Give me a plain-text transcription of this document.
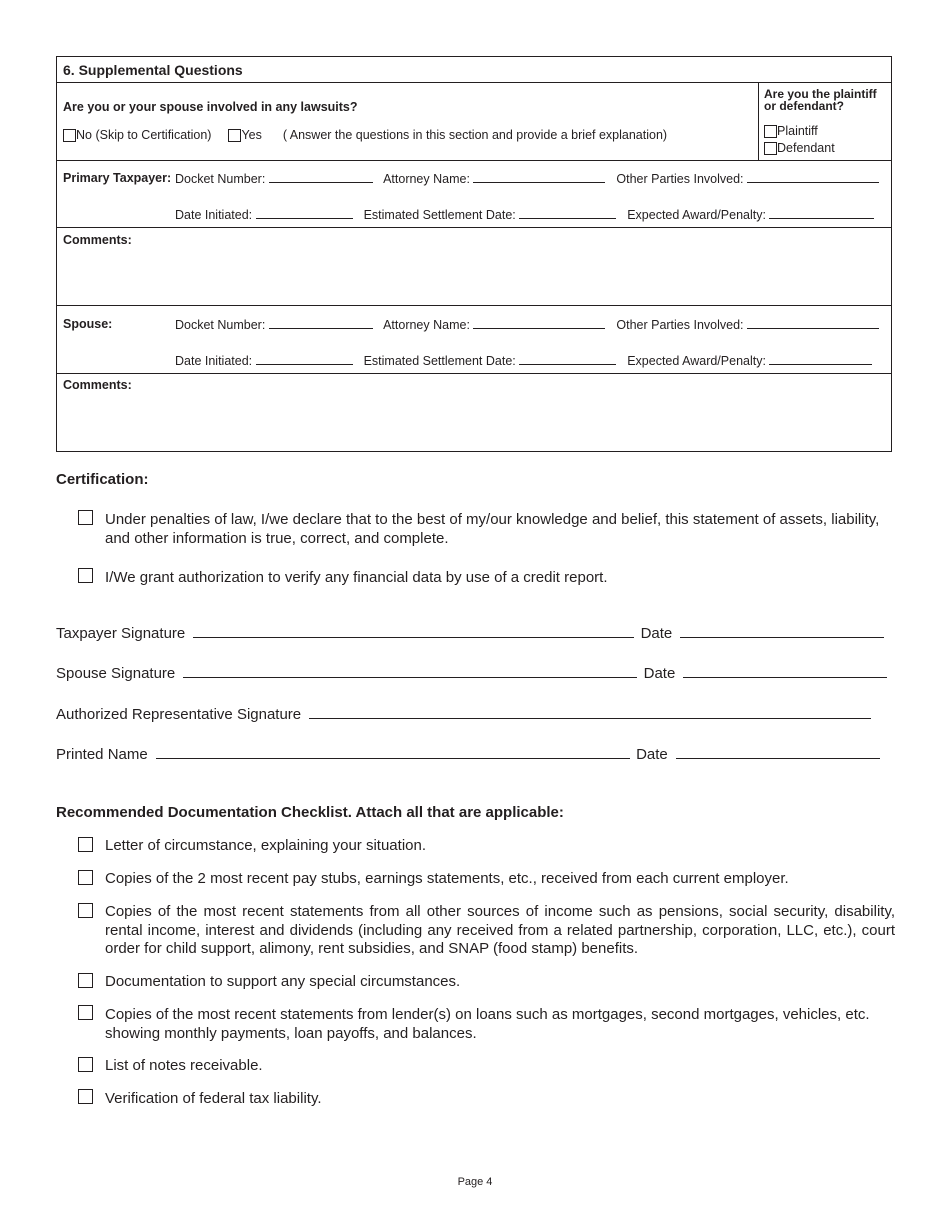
6. Supplemental Questions
Are you or your spouse involved in any lawsuits?
No (Skip to Certification) Yes ( Answer the questions in this section and provide a brief explanation)
Are you the plaintiff or defendant?
Plaintiff
Defendant
Primary Taxpayer: Docket Number:	Attorney Name:	Other Parties Involved:
Date Initiated:	Estimated Settlement Date:	Expected Award/Penalty:
Comments:
Spouse:	Docket Number:	Attorney Name:	Other Parties Involved:
Date Initiated:	Estimated Settlement Date:	Expected Award/Penalty:
Comments:
Certification:
Under penalties of law, I/we declare that to the best of my/our knowledge and belief, this statement of assets, liability, and other information is true, correct, and complete.
I/We grant authorization to verify any financial data by use of a credit report.
Taxpayer Signature	Date
Spouse Signature	Date
Authorized Representative Signature
Printed Name	Date
Recommended Documentation Checklist. Attach all that are applicable:
Letter of circumstance, explaining your situation.
Copies of the 2 most recent pay stubs, earnings statements, etc., received from each current employer.
Copies of the most recent statements from all other sources of income such as pensions, social security, disability, rental income, interest and dividends (including any received from a related partnership, corporation, LLC, etc.), court order for child support, alimony, rent subsidies, and SNAP (food stamp) benefits.
Documentation to support any special circumstances.
Copies of the most recent statements from lender(s) on loans such as mortgages, second mortgages, vehicles, etc. showing monthly payments, loan payoffs, and balances.
List of notes receivable.
Verification of federal tax liability.
Page 4
